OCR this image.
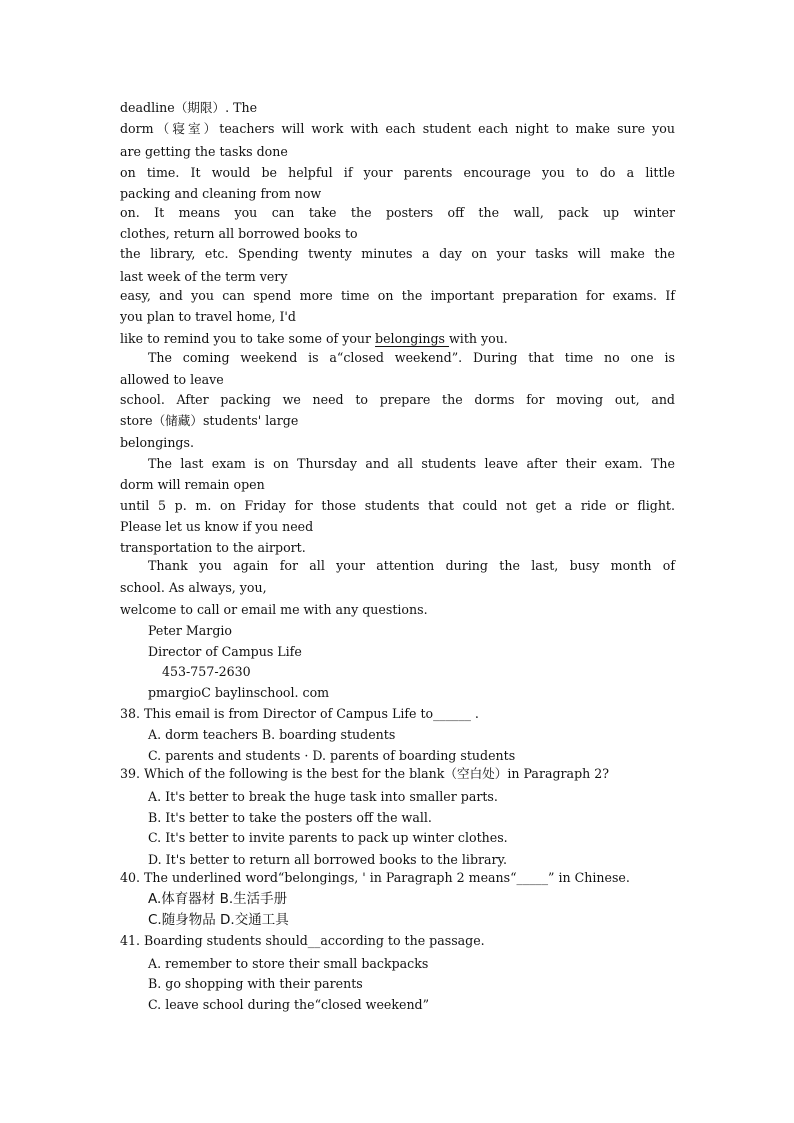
deadline（期限）. The
dorm（寝室）teachers will work with each student each night to make sure you
are getting the tasks done
on time. It would be helpful if your parents encourage you to do a little
packing and cleaning from now
on. It means you can take the posters off the wall, pack up winter
clothes, return all borrowed books to
the library, etc. Spending twenty minutes a day on your tasks will make the
last week of the term very
easy, and you can spend more time on the important preparation for exams. If
you plan to travel home, I'd
like to remind you to take some of your belongings with you.
The coming weekend is a“closed weekend”. During that time no one is
allowed to leave
school. After packing we need to prepare the dorms for moving out, and
store（储藏）students' large
belongings.
The last exam is on Thursday and all students leave after their exam. The
dorm will remain open
until 5 p. m. on Friday for those students that could not get a ride or flight.
Please let us know if you need
transportation to the airport.
Thank you again for all your attention during the last, busy month of
school. As always, you,
welcome to call or email me with any questions.
Peter Margio
Director of Campus Life
453-757-2630
pmargioC baylinschool. com
38. This email is from Director of Campus Life to______ .
A. dorm teachers B. boarding students
C. parents and students · D. parents of boarding students
39. Which of the following is the best for the blank（空白处）in Paragraph 2?
A. It's better to break the huge task into smaller parts.
B. It's better to take the posters off the wall.
C. It's better to invite parents to pack up winter clothes.
D. It's better to return all borrowed books to the library.
40. The underlined word“belongings, ' in Paragraph 2 means“_____” in Chinese.
A.体育器材 B.生活手册
C.随身物品 D.交通工具
41. Boarding students should__according to the passage.
A. remember to store their small backpacks
B. go shopping with their parents
C. leave school during the“closed weekend”
